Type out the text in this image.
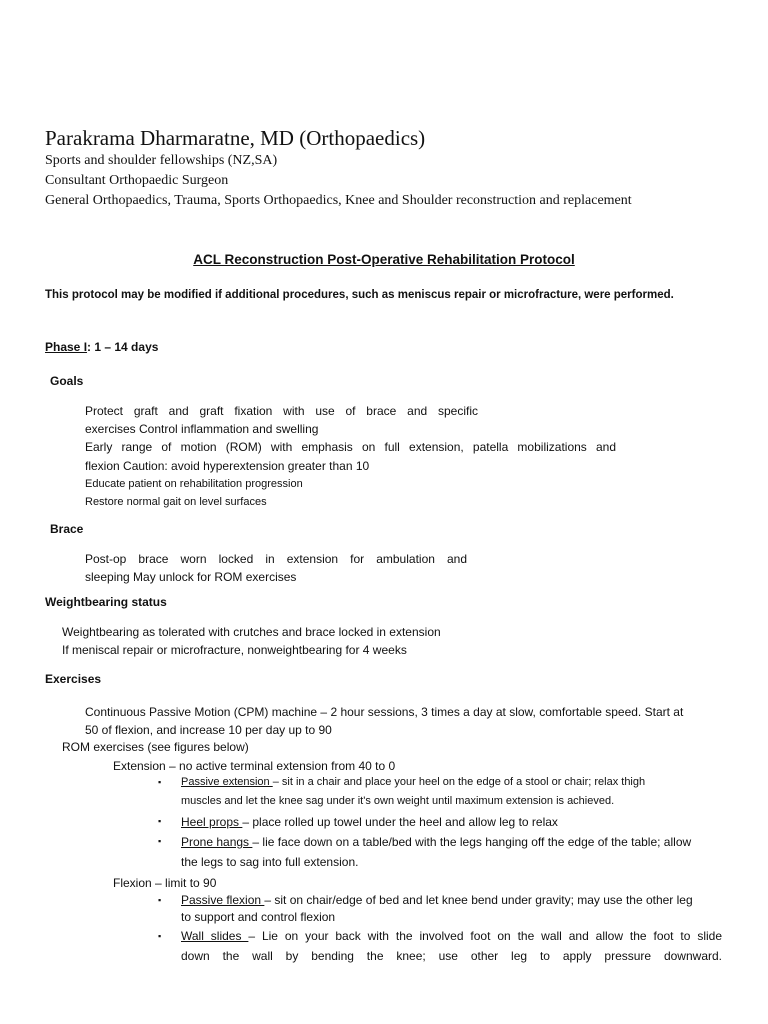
Parakrama Dharmaratne, MD (Orthopaedics)
Sports and shoulder fellowships (NZ,SA)
Consultant Orthopaedic Surgeon
General Orthopaedics, Trauma, Sports Orthopaedics, Knee and Shoulder reconstruction and replacement
ACL Reconstruction Post-Operative Rehabilitation Protocol
This protocol may be modified if additional procedures, such as meniscus repair or microfracture, were performed.
Phase I: 1 – 14 days
Goals
Protect graft and graft fixation with use of brace and specific
exercises Control inflammation and swelling
Early range of motion (ROM) with emphasis on full extension, patella mobilizations and
flexion Caution: avoid hyperextension greater than 10
Educate patient on rehabilitation progression
Restore normal gait on level surfaces
Brace
Post-op brace worn locked in extension for ambulation and
sleeping May unlock for ROM exercises
Weightbearing status
Weightbearing as tolerated with crutches and brace locked in extension
If meniscal repair or microfracture, nonweightbearing for 4 weeks
Exercises
Continuous Passive Motion (CPM) machine – 2 hour sessions, 3 times a day at slow, comfortable speed. Start at
50 of flexion, and increase 10 per day up to 90
ROM exercises (see figures below)
Extension – no active terminal extension from 40 to 0
▪ Passive extension – sit in a chair and place your heel on the edge of a stool or chair; relax thigh
muscles and let the knee sag under it's own weight until maximum extension is achieved.
▪ Heel props – place rolled up towel under the heel and allow leg to relax
▪ Prone hangs – lie face down on a table/bed with the legs hanging off the edge of the table; allow
the legs to sag into full extension.
Flexion – limit to 90
▪ Passive flexion – sit on chair/edge of bed and let knee bend under gravity; may use the other leg
to support and control flexion
▪ Wall slides – Lie on your back with the involved foot on the wall and allow the foot to slide
down the wall by bending the knee; use other leg to apply pressure downward.
